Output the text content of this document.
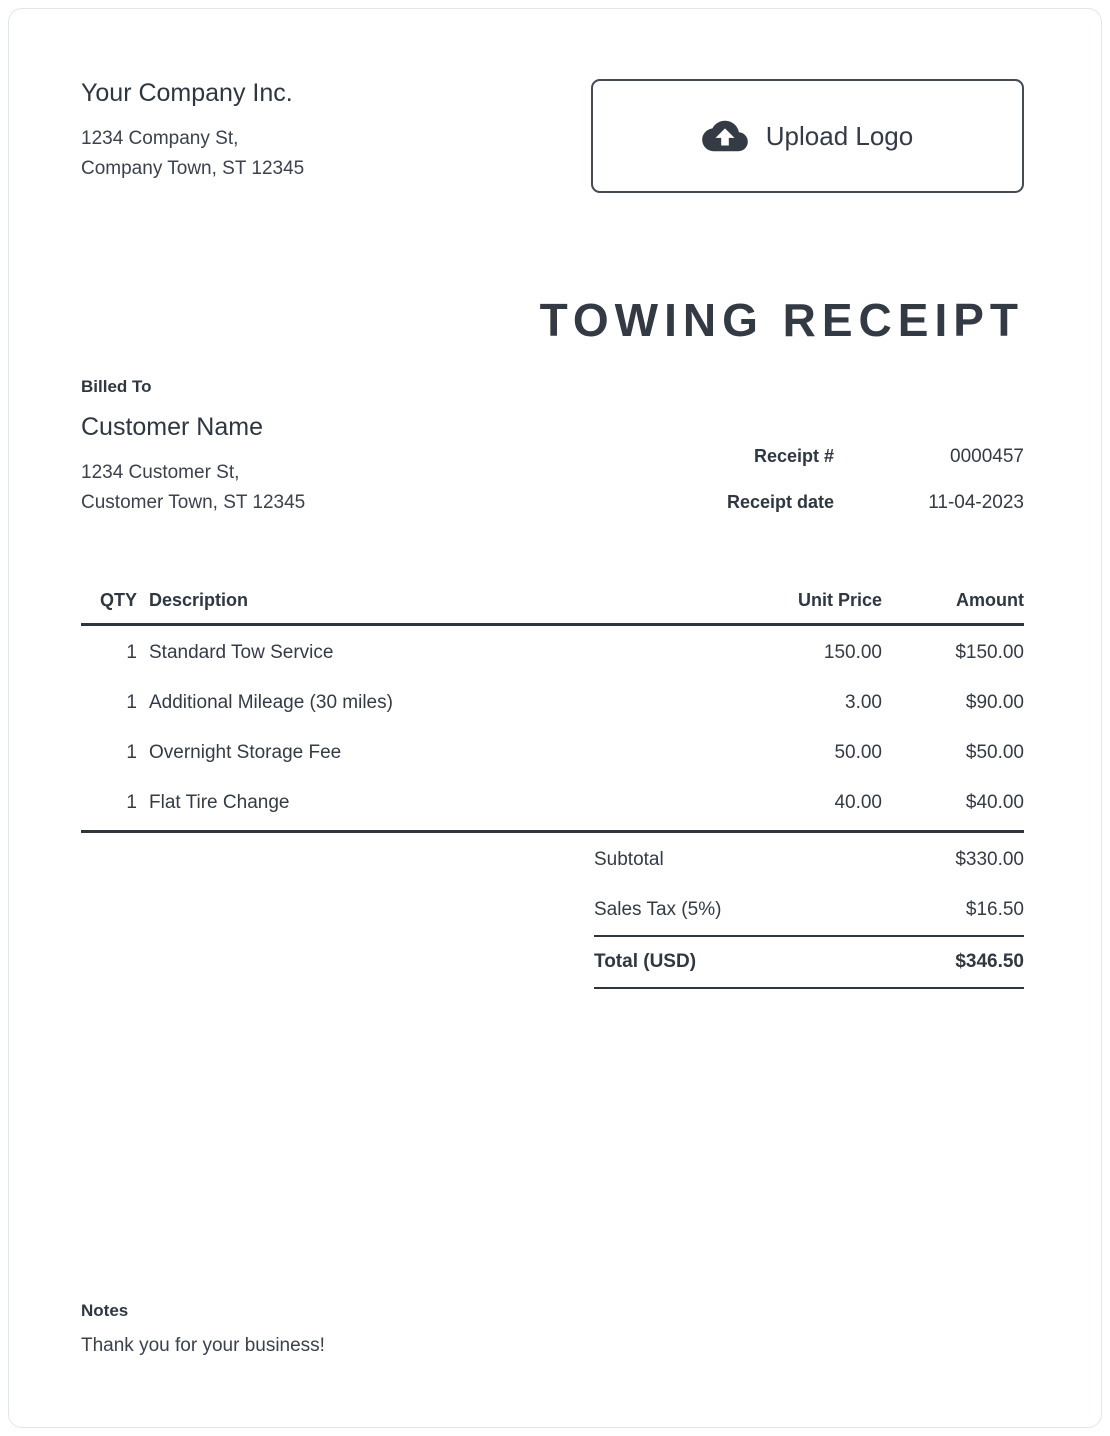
Your Company Inc.
1234 Company St,
Company Town, ST 12345
Upload Logo
TOWING RECEIPT
Billed To
Customer Name
1234 Customer St,
Customer Town, ST 12345
Receipt #	0000457
Receipt date	11-04-2023
QTY Description	Unit Price	Amount
1 Standard Tow Service	150.00	$150.00
1 Additional Mileage (30 miles)	3.00	$90.00
1 Overnight Storage Fee	50.00	$50.00
1 Flat Tire Change	40.00	$40.00
Subtotal	$330.00
Sales Tax (5%)	$16.50
Total (USD)	$346.50
Notes
Thank you for your business!
